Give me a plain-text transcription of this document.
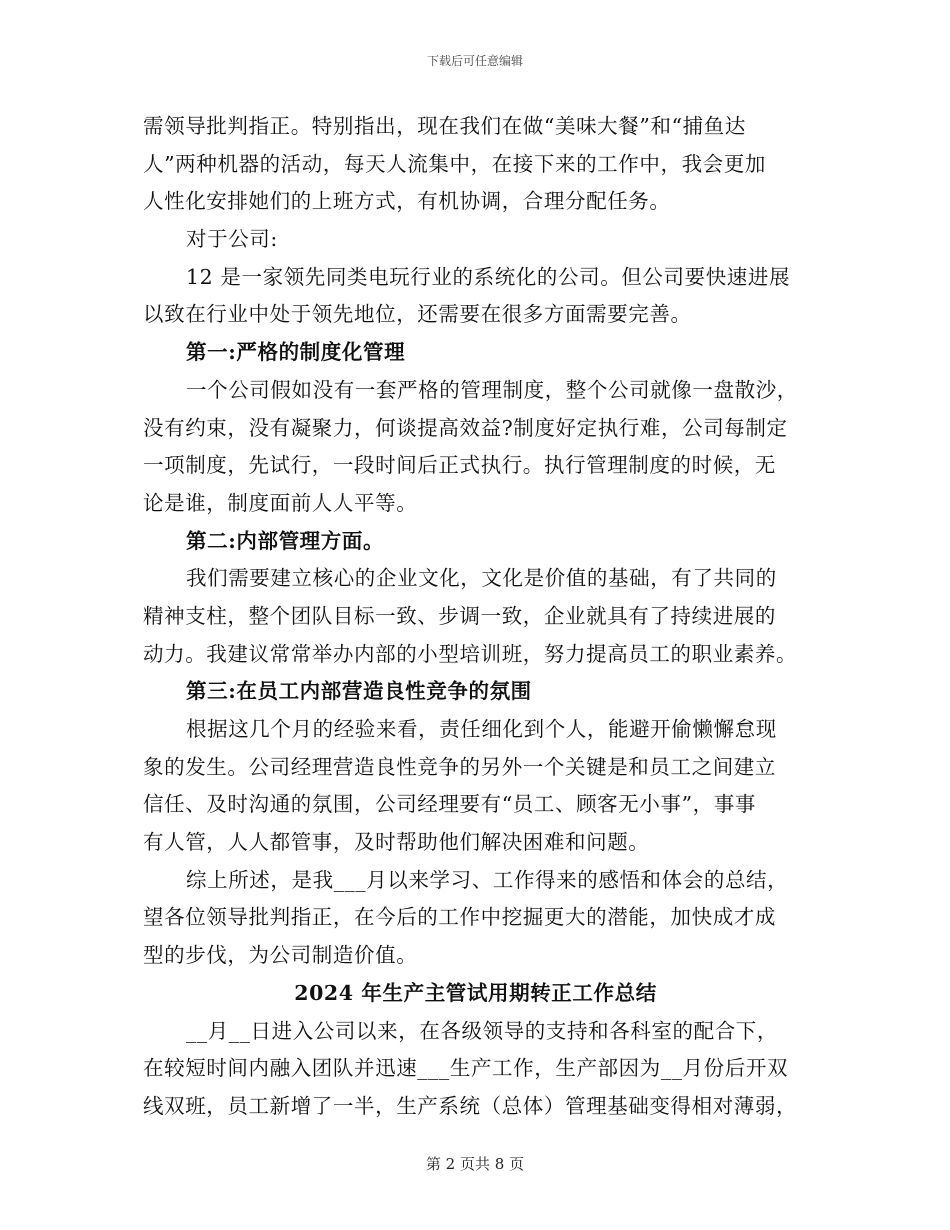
下载后可任意编辑
需领导批判指正。特别指出，现在我们在做“美味大餐”和“捕鱼达
人”两种机器的活动，每天人流集中，在接下来的工作中，我会更加
人性化安排她们的上班方式，有机协调，合理分配任务。
对于公司:
12 是一家领先同类电玩行业的系统化的公司。但公司要快速进展
以致在行业中处于领先地位，还需要在很多方面需要完善。
第一:严格的制度化管理
一个公司假如没有一套严格的管理制度，整个公司就像一盘散沙，
没有约束，没有凝聚力，何谈提高效益?制度好定执行难，公司每制定
一项制度，先试行，一段时间后正式执行。执行管理制度的时候，无
论是谁，制度面前人人平等。
第二:内部管理方面。
我们需要建立核心的企业文化，文化是价值的基础，有了共同的
精神支柱，整个团队目标一致、步调一致，企业就具有了持续进展的
动力。我建议常常举办内部的小型培训班，努力提高员工的职业素养。
第三:在员工内部营造良性竞争的氛围
根据这几个月的经验来看，责任细化到个人，能避开偷懒懈怠现
象的发生。公司经理营造良性竞争的另外一个关键是和员工之间建立
信任、及时沟通的氛围，公司经理要有“员工、顾客无小事”，事事
有人管，人人都管事，及时帮助他们解决困难和问题。
综上所述，是我___月以来学习、工作得来的感悟和体会的总结，
望各位领导批判指正，在今后的工作中挖掘更大的潜能，加快成才成
型的步伐，为公司制造价值。
2024 年生产主管试用期转正工作总结
__月__日进入公司以来，在各级领导的支持和各科室的配合下，
在较短时间内融入团队并迅速___生产工作，生产部因为__月份后开双
线双班，员工新增了一半，生产系统（总体）管理基础变得相对薄弱，
第 2 页共 8 页
